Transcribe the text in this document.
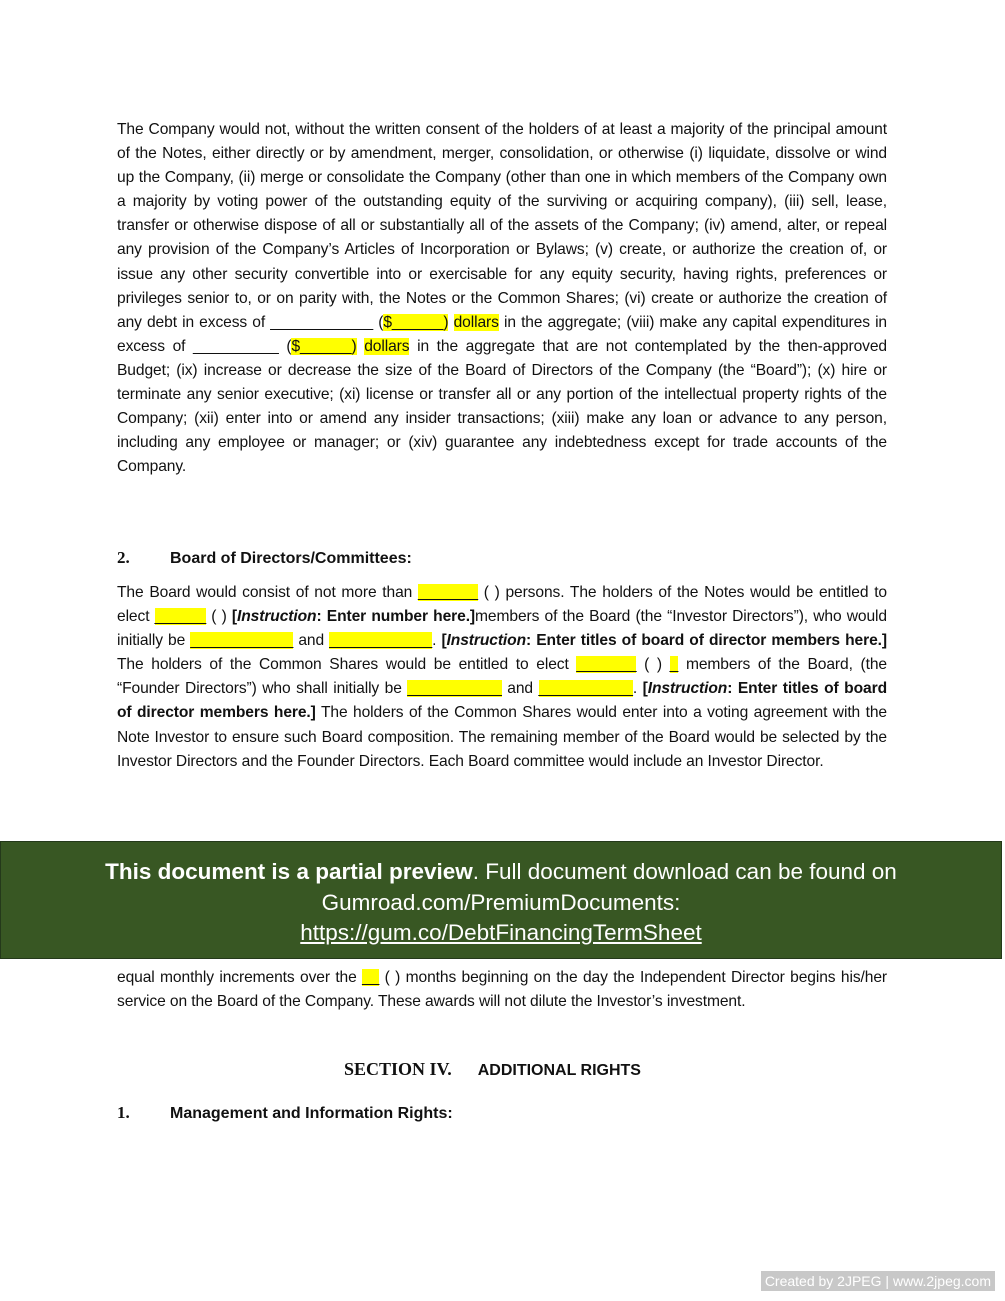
The Company would not, without the written consent of the holders of at least a majority of the principal amount of the Notes, either directly or by amendment, merger, consolidation, or otherwise (i) liquidate, dissolve or wind up the Company, (ii) merge or consolidate the Company (other than one in which members of the Company own a majority by voting power of the outstanding equity of the surviving or acquiring company), (iii) sell, lease, transfer or otherwise dispose of all or substantially all of the assets of the Company; (iv) amend, alter, or repeal any provision of the Company’s Articles of Incorporation or Bylaws; (v) create, or authorize the creation of, or issue any other security convertible into or exercisable for any equity security, having rights, preferences or privileges senior to, or on parity with, the Notes or the Common Shares; (vi) create or authorize the creation of any debt in excess of ____________ ($______) dollars in the aggregate; (viii) make any capital expenditures in excess of __________ ($______) dollars in the aggregate that are not contemplated by the then-approved Budget; (ix) increase or decrease the size of the Board of Directors of the Company (the “Board”); (x) hire or terminate any senior executive; (xi) license or transfer all or any portion of the intellectual property rights of the Company; (xii) enter into or amend any insider transactions; (xiii) make any loan or advance to any person, including any employee or manager; or (xiv) guarantee any indebtedness except for trade accounts of the Company.
2.	Board of Directors/Committees:
The Board would consist of not more than _______ ( ) persons. The holders of the Notes would be entitled to elect ______ ( ) [Instruction: Enter number here.]members of the Board (the “Investor Directors”), who would initially be ____________ and ____________. [Instruction: Enter titles of board of director members here.] The holders of the Common Shares would be entitled to elect _______ ( ) _ members of the Board, (the “Founder Directors”) who shall initially be ___________ and ___________. [Instruction: Enter titles of board of director members here.] The holders of the Common Shares would enter into a voting agreement with the Note Investor to ensure such Board composition. The remaining member of the Board would be selected by the Investor Directors and the Founder Directors. Each Board committee would include an Investor Director.
equal monthly increments over the __ ( ) months beginning on the day the Independent Director begins his/her service on the Board of the Company. These awards will not dilute the Investor’s investment.
SECTION IV. ADDITIONAL RIGHTS
1.	Management and Information Rights:
This document is a partial preview. Full document download can be found on Gumroad.com/PremiumDocuments:
https://gum.co/DebtFinancingTermSheet
Created by 2JPEG | www.2jpeg.com
